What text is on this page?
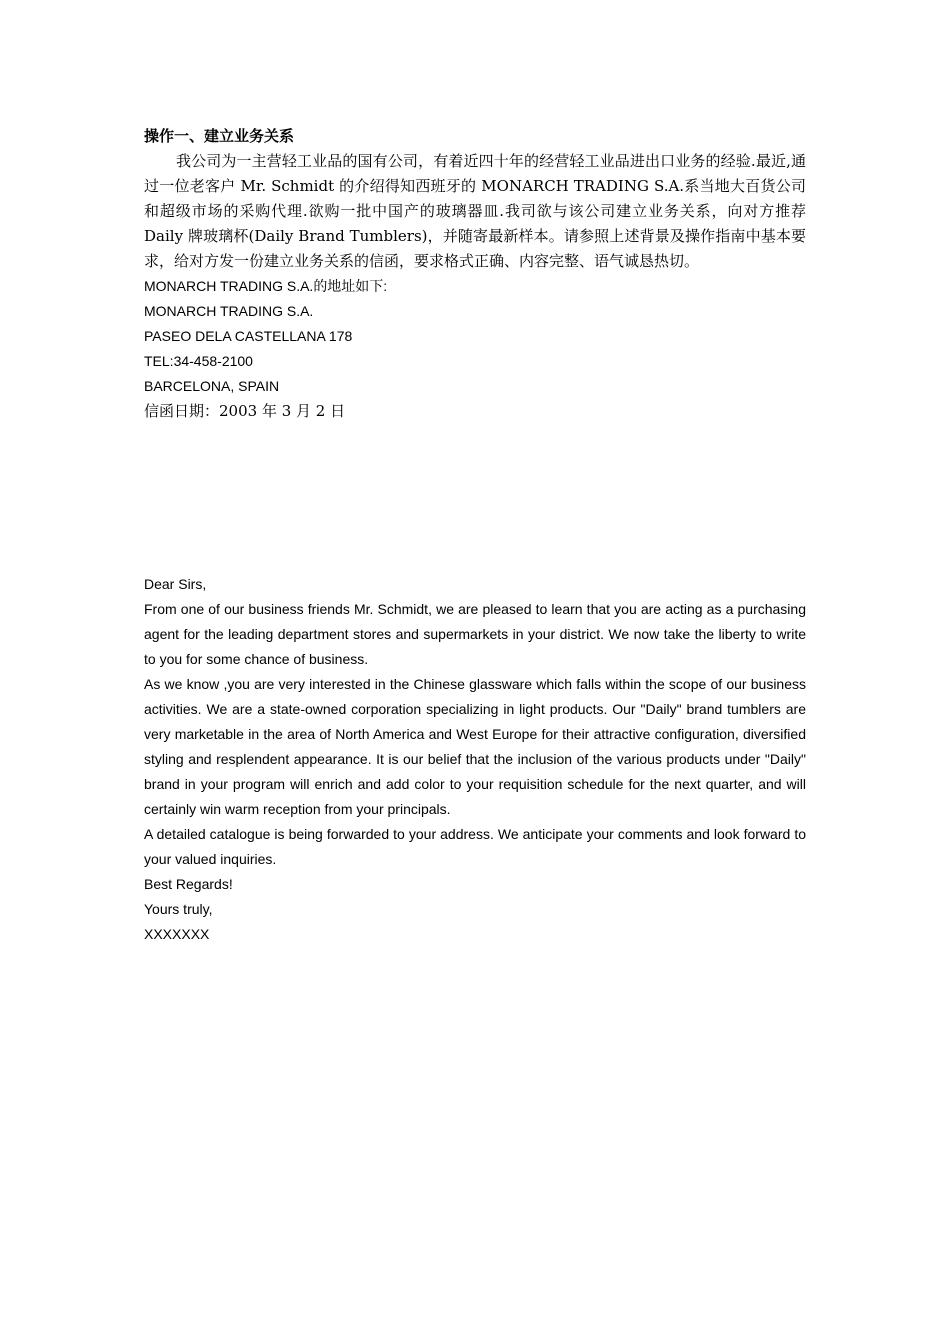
操作一、建立业务关系

我公司为一主营轻工业品的国有公司，有着近四十年的经营轻工业品进出口业务的经验.最近,通过一位老客户 Mr. Schmidt 的介绍得知西班牙的 MONARCH TRADING S.A.系当地大百货公司和超级市场的采购代理.欲购一批中国产的玻璃器皿.我司欲与该公司建立业务关系，向对方推荐 Daily 牌玻璃杯(Daily Brand Tumblers)，并随寄最新样本。请参照上述背景及操作指南中基本要求，给对方发一份建立业务关系的信函，要求格式正确、内容完整、语气诚恳热切。

MONARCH TRADING S.A.的地址如下:

MONARCH TRADING S.A.

PASEO DELA CASTELLANA 178

TEL:34-458-2100

BARCELONA, SPAIN

信函日期：2003 年 3 月 2 日

Dear Sirs,

From one of our business friends Mr. Schmidt, we are pleased to learn that you are acting as a purchasing agent for the leading department stores and supermarkets in your district. We now take the liberty to write to you for some chance of business.

As we know ,you are very interested in the Chinese glassware which falls within the scope of our business activities. We are a state-owned corporation specializing in light products. Our "Daily" brand tumblers are very marketable in the area of North America and West Europe for their attractive configuration, diversified styling and resplendent appearance. It is our belief that the inclusion of the various products under "Daily" brand in your program will enrich and add color to your requisition schedule for the next quarter, and will certainly win warm reception from your principals.

A detailed catalogue is being forwarded to your address. We anticipate your comments and look forward to your valued inquiries.

Best Regards!

Yours truly,

XXXXXXX
